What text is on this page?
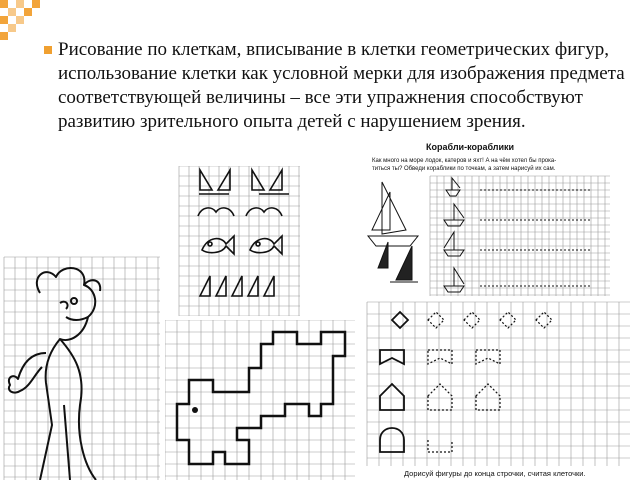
Рисование по клеткам, вписывание в клетки геометрических фигур, использование клетки как условной мерки для изображения предмета соответствующей величины – все эти упражнения способствуют развитию зрительного опыта детей с нарушением зрения.
Корабли-кораблики
Как много на море лодок, катеров и яхт! А на чём хотел бы прока-
титься ты? Обведи кораблики по точкам, а затем нарисуй их сам.
Дорисуй фигуры до конца строчки, считая клеточки.
